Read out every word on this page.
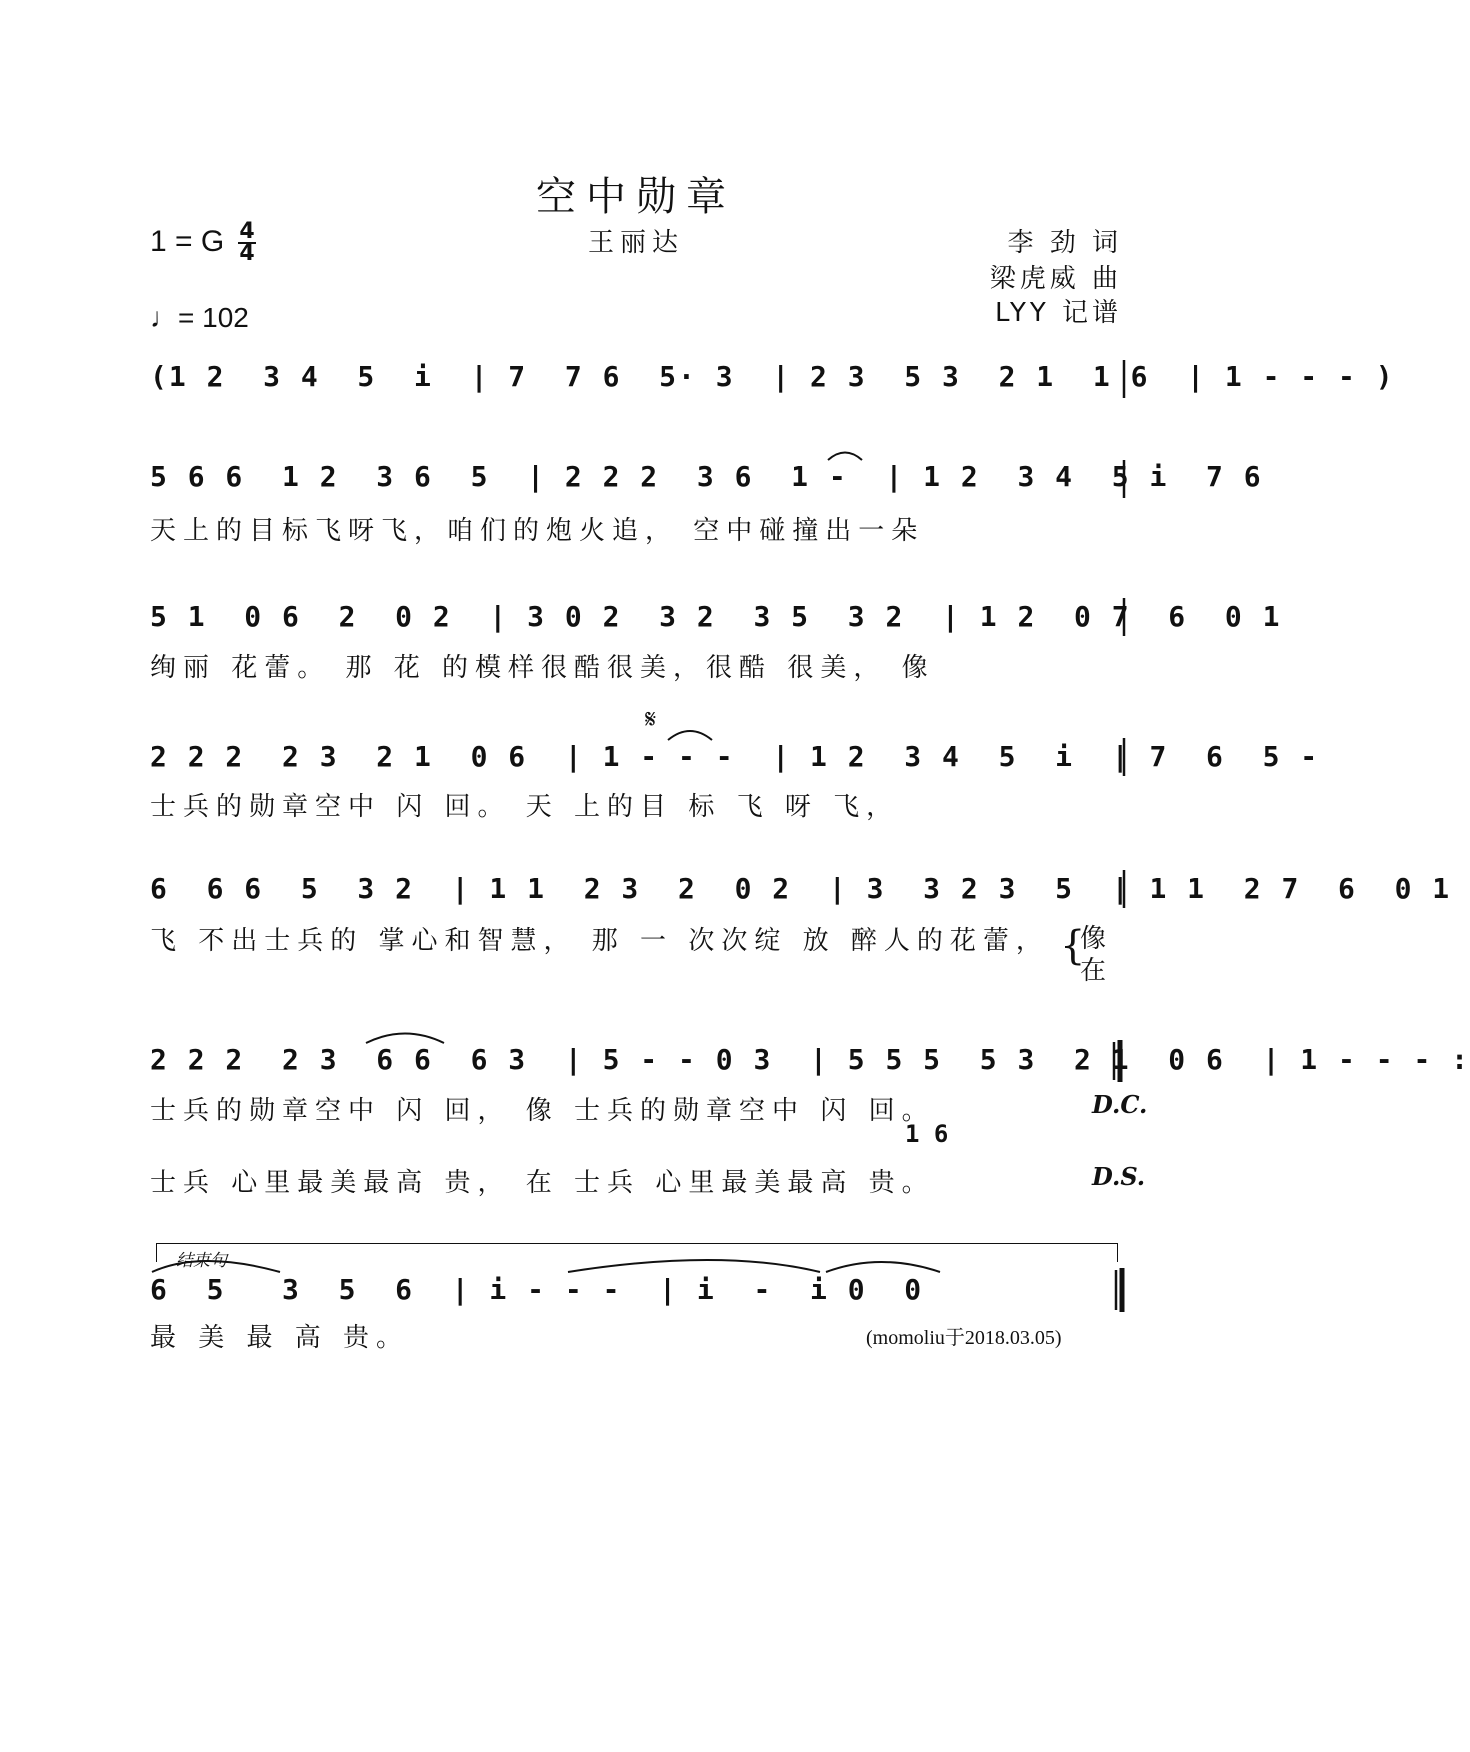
空中勋章
王丽达	李 劲 词
梁虎威 曲
LYY 记谱
1 = G 4
4
♩= 102
(1 2  3 4  5  i  | 7  7 6  5· 3  | 2 3  5 3  2 1  1 6  | 1 - - - )
5 6 6  1 2  3 6  5  | 2 2 2  3 6  1 -  | 1 2  3 4  5 i  7 6
天上的目标飞呀飞，咱们的炮火追， 空中碰撞出一朵
5 1  0 6  2  0 2  | 3 0 2  3 2  3 5  3 2  | 1 2  0 7  6  0 1
绚丽 花蕾。 那 花 的模样很酷很美，很酷 很美， 像
𝄋
2 2 2  2 3  2 1  0 6  | 1 - - -  | 1 2  3 4  5  i  | 7  6  5 -
士兵的勋章空中 闪 回。 天 上的目 标 飞 呀 飞，
6  6 6  5  3 2  | 1 1  2 3  2  0 2  | 3  3 2 3  5  | 1 1  2 7  6  0 1
飞 不出士兵的 掌心和智慧， 那 一 次次绽 放 醉人的花蕾， {
像
在
2 2 2  2 3  6 6  6 3  | 5 - - 0 3  | 5 5 5  5 3  2 1  0 6  | 1 - - - :
士兵的勋章空中 闪 回， 像 士兵的勋章空中 闪 回。	D.C.
1 6
士兵 心里最美最高 贵， 在 士兵 心里最美最高 贵。	D.S.
结束句
6  5   3  5  6  | i - - -  | i  -  i 0  0
最 美 最 高 贵。	(momoliu于2018.03.05)
